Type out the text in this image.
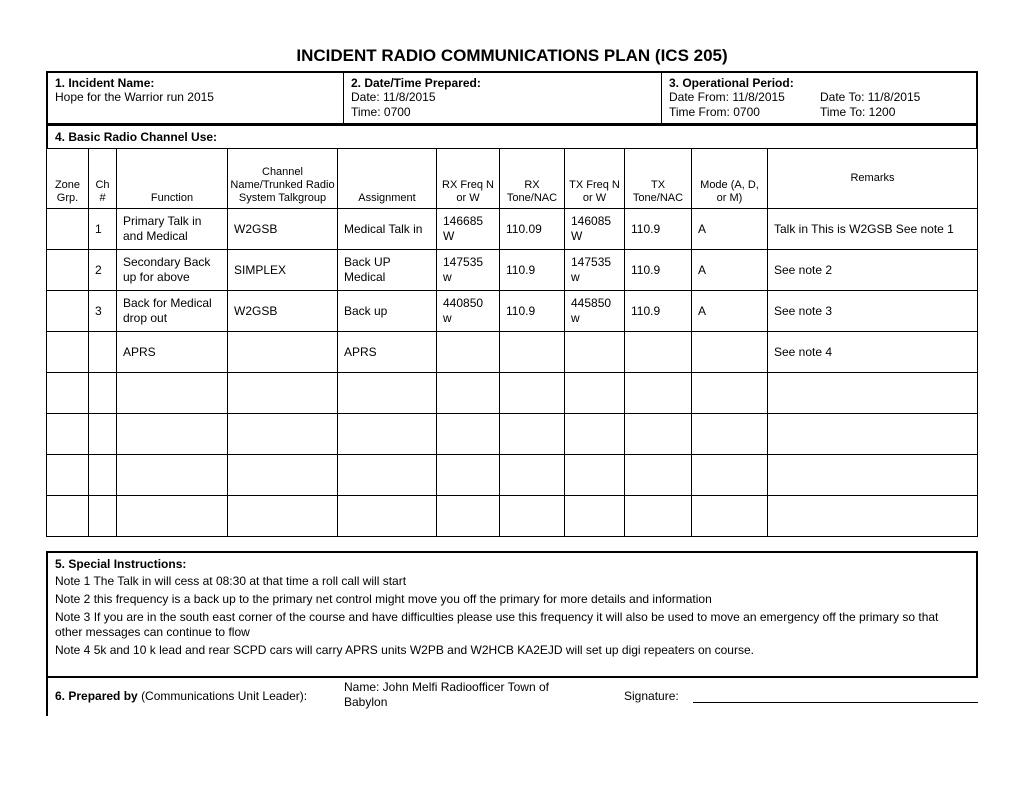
INCIDENT RADIO COMMUNICATIONS PLAN (ICS 205)
1. Incident Name:
Hope for the Warrior run 2015
2. Date/Time Prepared:
Date: 11/8/2015
Time: 0700
3. Operational Period:
Date From: 11/8/2015	Date To: 11/8/2015
Time From: 0700	Time To: 1200
4. Basic Radio Channel Use:
Zone Grp.	Ch #	Function	Channel Name/Trunked Radio System Talkgroup	Assignment	RX Freq N or W	RX Tone/NAC	TX Freq N or W	TX Tone/NAC	Mode (A, D, or M)	Remarks
	1	Primary Talk in and Medical	W2GSB	Medical Talk in	146685 W	110.09	146085 W	110.9	A	Talk in This is W2GSB See note 1
	2	Secondary Back up for above	SIMPLEX	Back UP Medical	147535 w	110.9	147535 w	110.9	A	See note 2
	3	Back for Medical drop out	W2GSB	Back up	440850 w	110.9	445850 w	110.9	A	See note 3
		APRS		APRS						See note 4

5. Special Instructions:
Note 1 The Talk in will cess at 08:30 at that time a roll call will start
Note 2 this frequency is a back up to the primary net control might move you off the primary for more details and information
Note 3 If you are in the south east corner of the course and have difficulties please use this frequency it will also be used to move an emergency off the primary so that other messages can continue to flow
Note 4 5k and 10 k lead and rear SCPD cars will carry APRS units W2PB and W2HCB KA2EJD will set up digi repeaters on course.
6. Prepared by (Communications Unit Leader):
Name: John Melfi Radioofficer Town of Babylon	Signature:
